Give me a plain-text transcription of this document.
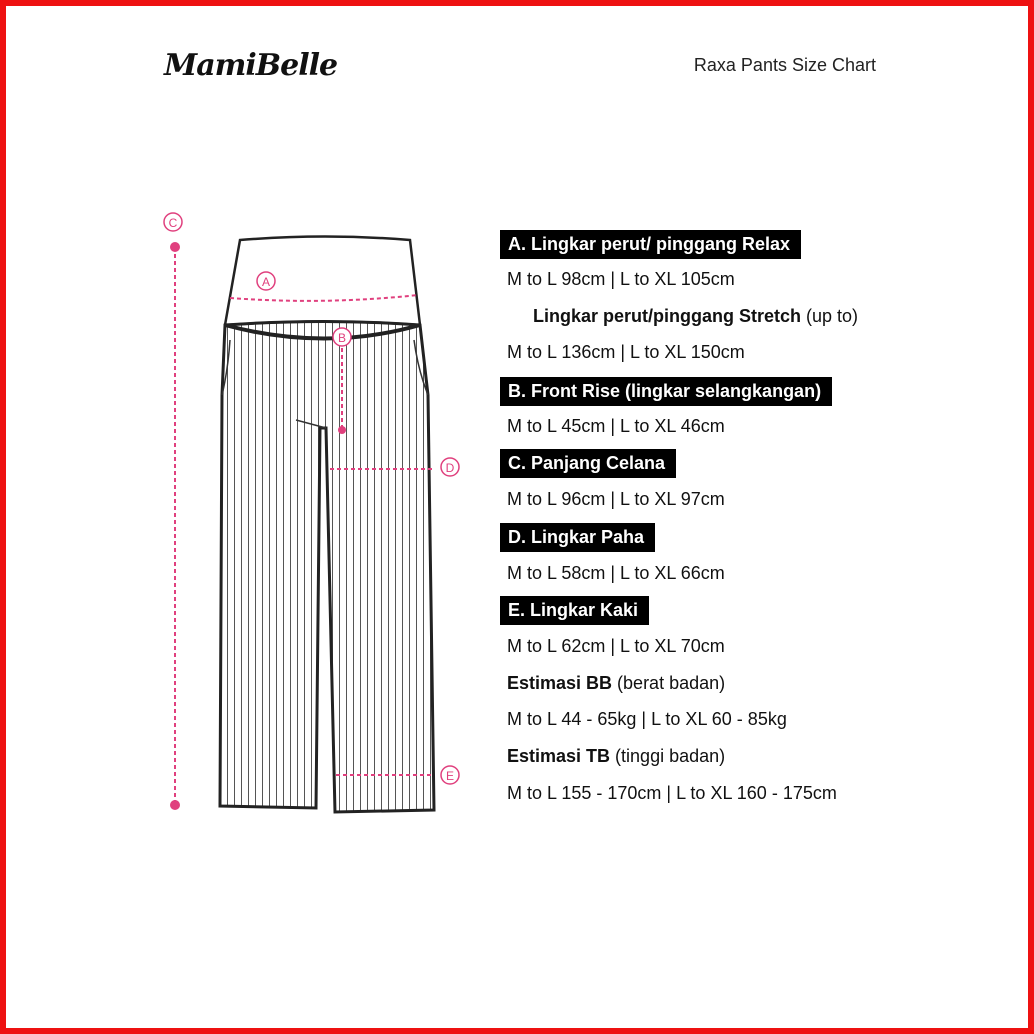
MamiBelle	Raxa Pants Size Chart
A
B
C
D
E
A. Lingkar perut/ pinggang Relax
M to L 98cm | L to XL 105cm
Lingkar perut/pinggang Stretch (up to)
M to L 136cm | L to XL 150cm
B. Front Rise (lingkar selangkangan)
M to L 45cm | L to XL 46cm
C. Panjang Celana
M to L 96cm | L to XL 97cm
D. Lingkar Paha
M to L 58cm | L to XL 66cm
E. Lingkar Kaki
M to L 62cm | L to XL 70cm
Estimasi BB (berat badan)
M to L 44 - 65kg | L to XL 60 - 85kg
Estimasi TB (tinggi badan)
M to L 155 - 170cm | L to XL 160 - 175cm
